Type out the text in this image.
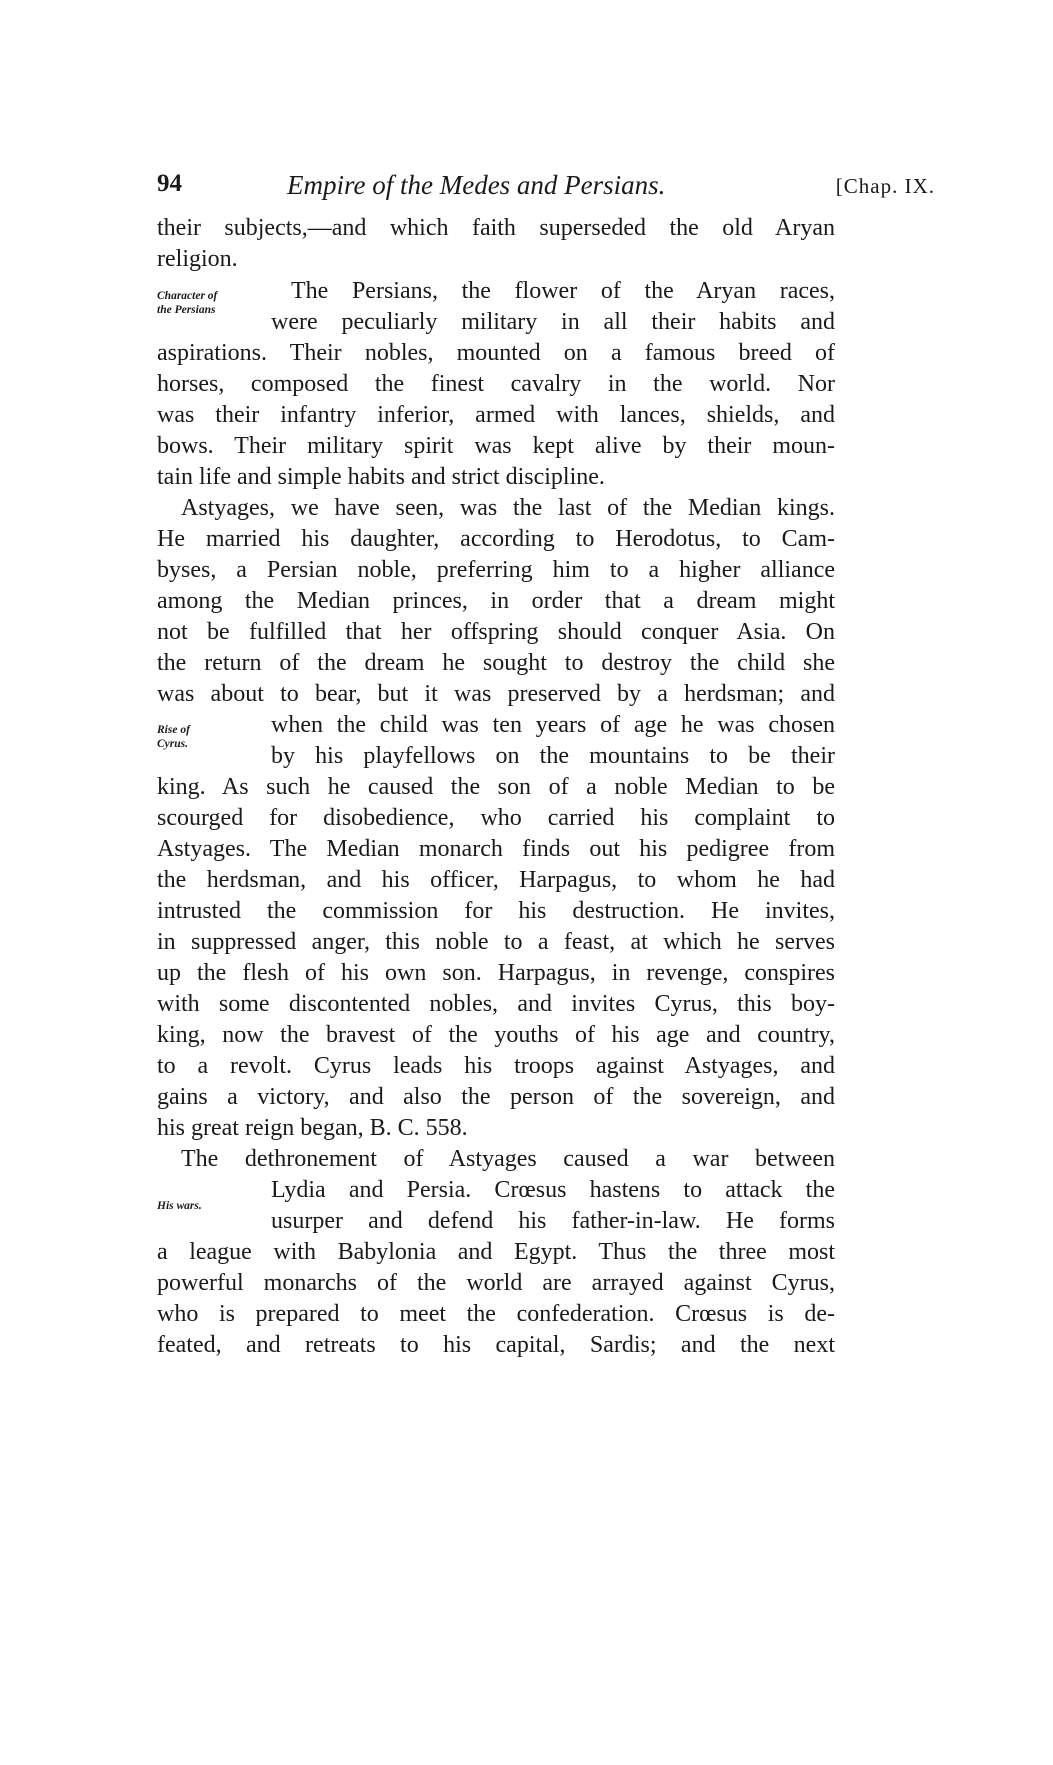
94	Empire of the Medes and Persians.	[Chap. IX.
Character of
the Persians
Rise of
Cyrus.
His wars.
their subjects,—and which faith superseded the old Aryan
religion.
The Persians, the flower of the Aryan races,
were peculiarly military in all their habits and
aspirations. Their nobles, mounted on a famous breed of
horses, composed the finest cavalry in the world. Nor
was their infantry inferior, armed with lances, shields, and
bows. Their military spirit was kept alive by their moun-
tain life and simple habits and strict discipline.
Astyages, we have seen, was the last of the Median kings.
He married his daughter, according to Herodotus, to Cam-
byses, a Persian noble, preferring him to a higher alliance
among the Median princes, in order that a dream might
not be fulfilled that her offspring should conquer Asia. On
the return of the dream he sought to destroy the child she
was about to bear, but it was preserved by a herdsman; and
when the child was ten years of age he was chosen
by his playfellows on the mountains to be their
king. As such he caused the son of a noble Median to be
scourged for disobedience, who carried his complaint to
Astyages. The Median monarch finds out his pedigree from
the herdsman, and his officer, Harpagus, to whom he had
intrusted the commission for his destruction. He invites,
in suppressed anger, this noble to a feast, at which he serves
up the flesh of his own son. Harpagus, in revenge, conspires
with some discontented nobles, and invites Cyrus, this boy-
king, now the bravest of the youths of his age and country,
to a revolt. Cyrus leads his troops against Astyages, and
gains a victory, and also the person of the sovereign, and
his great reign began, B. C. 558.
The dethronement of Astyages caused a war between
Lydia and Persia. Crœsus hastens to attack the
usurper and defend his father-in-law. He forms
a league with Babylonia and Egypt. Thus the three most
powerful monarchs of the world are arrayed against Cyrus,
who is prepared to meet the confederation. Crœsus is de-
feated, and retreats to his capital, Sardis; and the next
